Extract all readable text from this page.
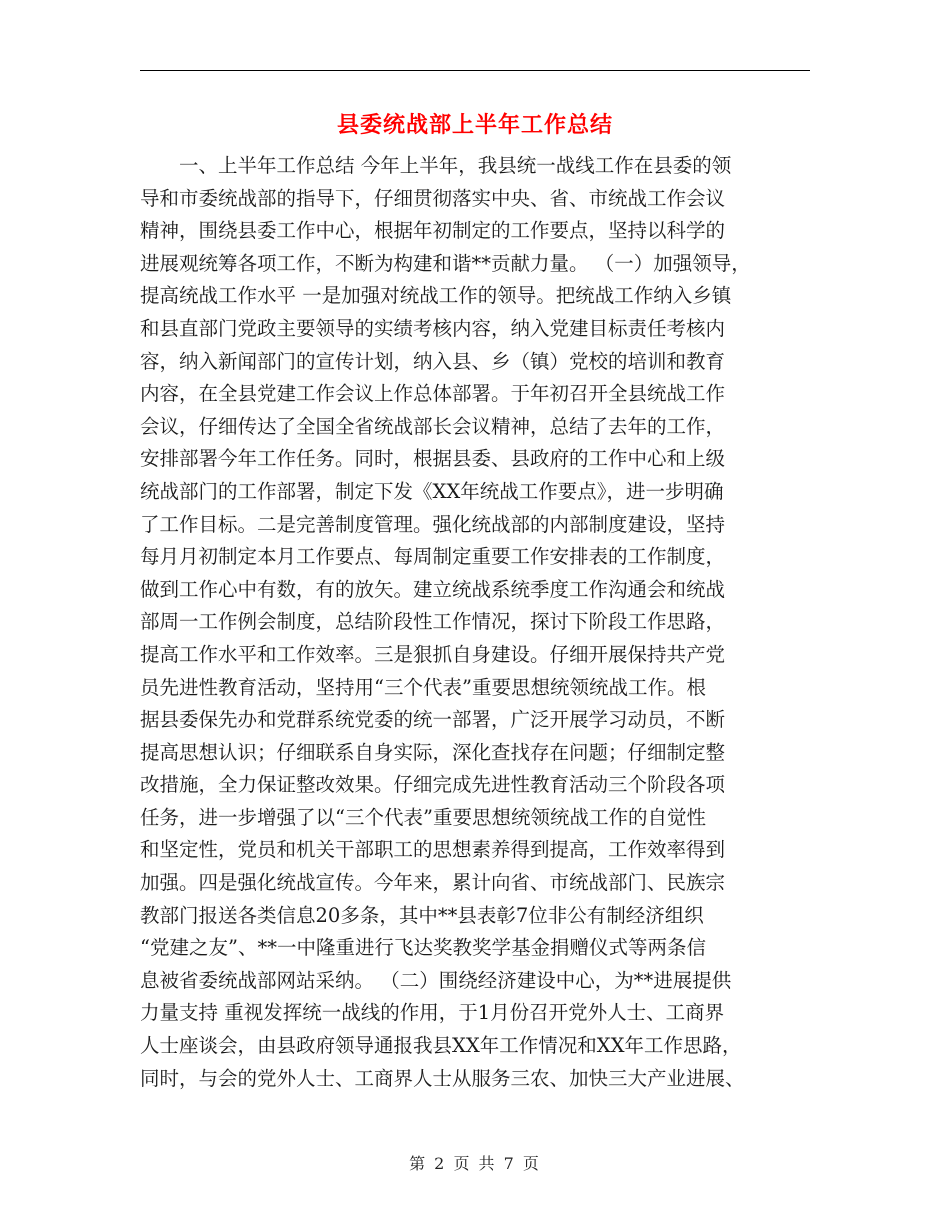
县委统战部上半年工作总结
一、上半年工作总结 今年上半年，我县统一战线工作在县委的领
导和市委统战部的指导下，仔细贯彻落实中央、省、市统战工作会议
精神，围绕县委工作中心，根据年初制定的工作要点，坚持以科学的
进展观统筹各项工作，不断为构建和谐**贡献力量。 （一）加强领导，
提高统战工作水平 一是加强对统战工作的领导。把统战工作纳入乡镇
和县直部门党政主要领导的实绩考核内容，纳入党建目标责任考核内
容，纳入新闻部门的宣传计划，纳入县、乡（镇）党校的培训和教育
内容，在全县党建工作会议上作总体部署。于年初召开全县统战工作
会议，仔细传达了全国全省统战部长会议精神，总结了去年的工作，
安排部署今年工作任务。同时，根据县委、县政府的工作中心和上级
统战部门的工作部署，制定下发《XX年统战工作要点》，进一步明确
了工作目标。二是完善制度管理。强化统战部的内部制度建设，坚持
每月月初制定本月工作要点、每周制定重要工作安排表的工作制度，
做到工作心中有数，有的放矢。建立统战系统季度工作沟通会和统战
部周一工作例会制度，总结阶段性工作情况，探讨下阶段工作思路，
提高工作水平和工作效率。三是狠抓自身建设。仔细开展保持共产党
员先进性教育活动，坚持用“三个代表”重要思想统领统战工作。根
据县委保先办和党群系统党委的统一部署，广泛开展学习动员，不断
提高思想认识；仔细联系自身实际，深化查找存在问题；仔细制定整
改措施，全力保证整改效果。仔细完成先进性教育活动三个阶段各项
任务，进一步增强了以“三个代表”重要思想统领统战工作的自觉性
和坚定性，党员和机关干部职工的思想素养得到提高，工作效率得到
加强。四是强化统战宣传。今年来，累计向省、市统战部门、民族宗
教部门报送各类信息20多条，其中**县表彰7位非公有制经济组织
“党建之友”、**一中隆重进行飞达奖教奖学基金捐赠仪式等两条信
息被省委统战部网站采纳。 （二）围绕经济建设中心，为**进展提供
力量支持 重视发挥统一战线的作用，于1月份召开党外人士、工商界
人士座谈会，由县政府领导通报我县XX年工作情况和XX年工作思路，
同时，与会的党外人士、工商界人士从服务三农、加快三大产业进展、
第 2 页 共 7 页
